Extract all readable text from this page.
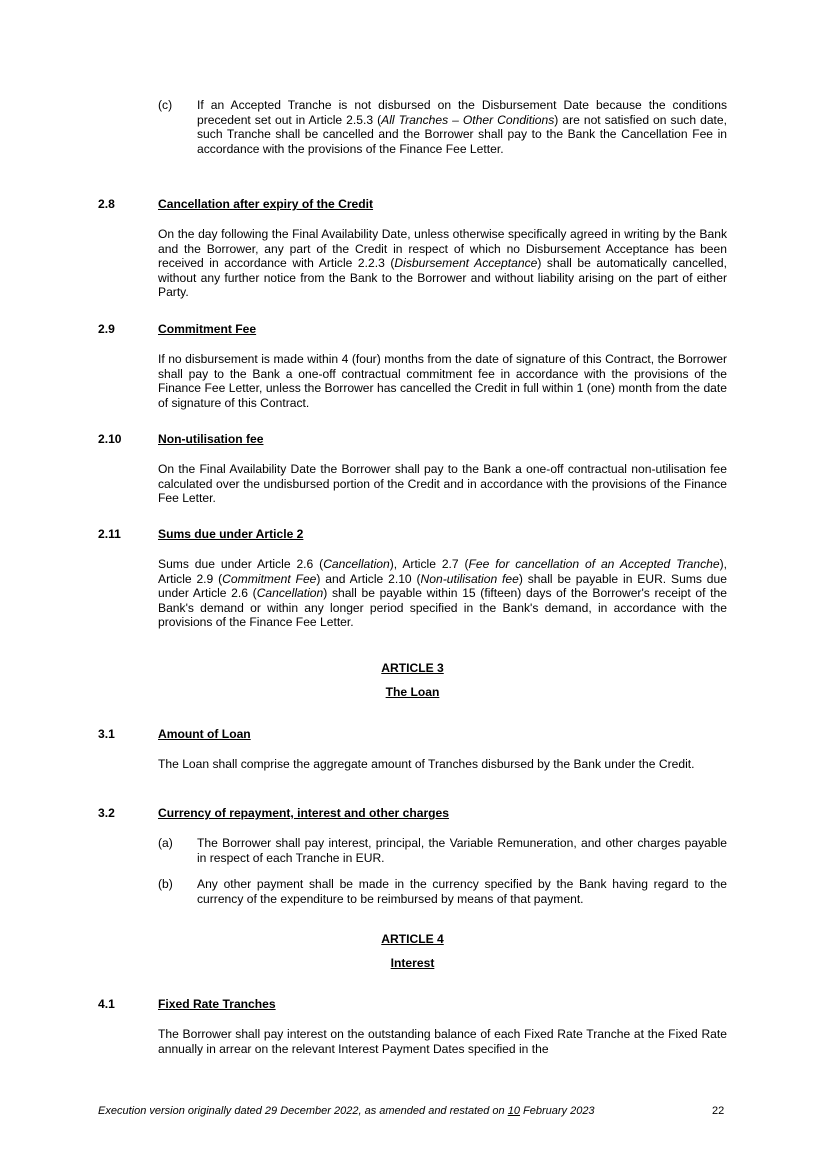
(c) If an Accepted Tranche is not disbursed on the Disbursement Date because the conditions precedent set out in Article 2.5.3 (All Tranches – Other Conditions) are not satisfied on such date, such Tranche shall be cancelled and the Borrower shall pay to the Bank the Cancellation Fee in accordance with the provisions of the Finance Fee Letter.
2.8	Cancellation after expiry of the Credit
On the day following the Final Availability Date, unless otherwise specifically agreed in writing by the Bank and the Borrower, any part of the Credit in respect of which no Disbursement Acceptance has been received in accordance with Article 2.2.3 (Disbursement Acceptance) shall be automatically cancelled, without any further notice from the Bank to the Borrower and without liability arising on the part of either Party.
2.9	Commitment Fee
If no disbursement is made within 4 (four) months from the date of signature of this Contract, the Borrower shall pay to the Bank a one-off contractual commitment fee in accordance with the provisions of the Finance Fee Letter, unless the Borrower has cancelled the Credit in full within 1 (one) month from the date of signature of this Contract.
2.10	Non-utilisation fee
On the Final Availability Date the Borrower shall pay to the Bank a one-off contractual non-utilisation fee calculated over the undisbursed portion of the Credit and in accordance with the provisions of the Finance Fee Letter.
2.11	Sums due under Article 2
Sums due under Article 2.6 (Cancellation), Article 2.7 (Fee for cancellation of an Accepted Tranche), Article 2.9 (Commitment Fee) and Article 2.10 (Non-utilisation fee) shall be payable in EUR. Sums due under Article 2.6 (Cancellation) shall be payable within 15 (fifteen) days of the Borrower's receipt of the Bank's demand or within any longer period specified in the Bank's demand, in accordance with the provisions of the Finance Fee Letter.
ARTICLE 3
The Loan
3.1	Amount of Loan
The Loan shall comprise the aggregate amount of Tranches disbursed by the Bank under the Credit.
3.2	Currency of repayment, interest and other charges
(a) The Borrower shall pay interest, principal, the Variable Remuneration, and other charges payable in respect of each Tranche in EUR.
(b) Any other payment shall be made in the currency specified by the Bank having regard to the currency of the expenditure to be reimbursed by means of that payment.
ARTICLE 4
Interest
4.1	Fixed Rate Tranches
The Borrower shall pay interest on the outstanding balance of each Fixed Rate Tranche at the Fixed Rate annually in arrear on the relevant Interest Payment Dates specified in the
Execution version originally dated 29 December 2022, as amended and restated on 10 February 2023	22
